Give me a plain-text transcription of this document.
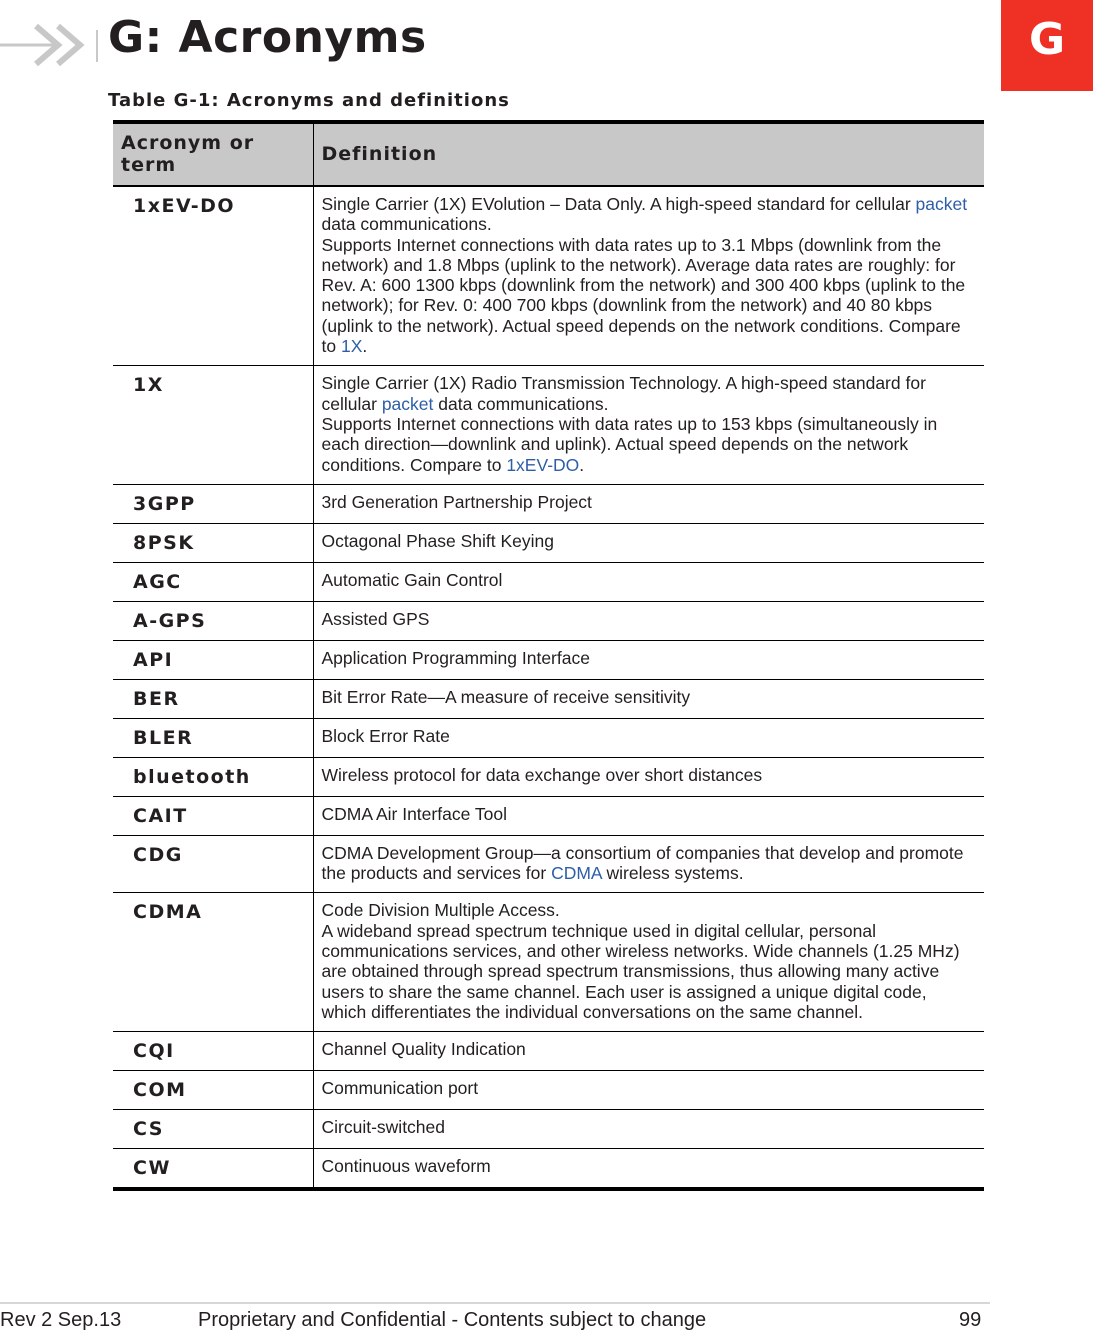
G: Acronyms	G
Table G-1: Acronyms and definitions
Acronym or term	Definition
1xEV-DO	Single Carrier (1X) EVolution – Data Only. A high-speed standard for cellular packet data communications.
Supports Internet connections with data rates up to 3.1 Mbps (downlink from the network) and 1.8 Mbps (uplink to the network). Average data rates are roughly: for Rev. A: 600 1300 kbps (downlink from the network) and 300 400 kbps (uplink to the network); for Rev. 0: 400 700 kbps (downlink from the network) and 40 80 kbps (uplink to the network). Actual speed depends on the network conditions. Compare to 1X.

1X	Single Carrier (1X) Radio Transmission Technology. A high-speed standard for cellular packet data communications.
Supports Internet connections with data rates up to 153 kbps (simultaneously in each direction—downlink and uplink). Actual speed depends on the network conditions. Compare to 1xEV-DO.

3GPP	3rd Generation Partnership Project

8PSK	Octagonal Phase Shift Keying

AGC	Automatic Gain Control

A-GPS	Assisted GPS

API	Application Programming Interface

BER	Bit Error Rate—A measure of receive sensitivity

BLER	Block Error Rate

bluetooth	Wireless protocol for data exchange over short distances

CAIT	CDMA Air Interface Tool

CDG	CDMA Development Group—a consortium of companies that develop and promote the products and services for CDMA wireless systems.

CDMA	Code Division Multiple Access.
A wideband spread spectrum technique used in digital cellular, personal communications services, and other wireless networks. Wide channels (1.25 MHz) are obtained through spread spectrum transmissions, thus allowing many active users to share the same channel. Each user is assigned a unique digital code, which differentiates the individual conversations on the same channel.

CQI	Channel Quality Indication

COM	Communication port

CS	Circuit-switched

CW	Continuous waveform
Rev 2 Sep.13	Proprietary and Confidential - Contents subject to change	99
